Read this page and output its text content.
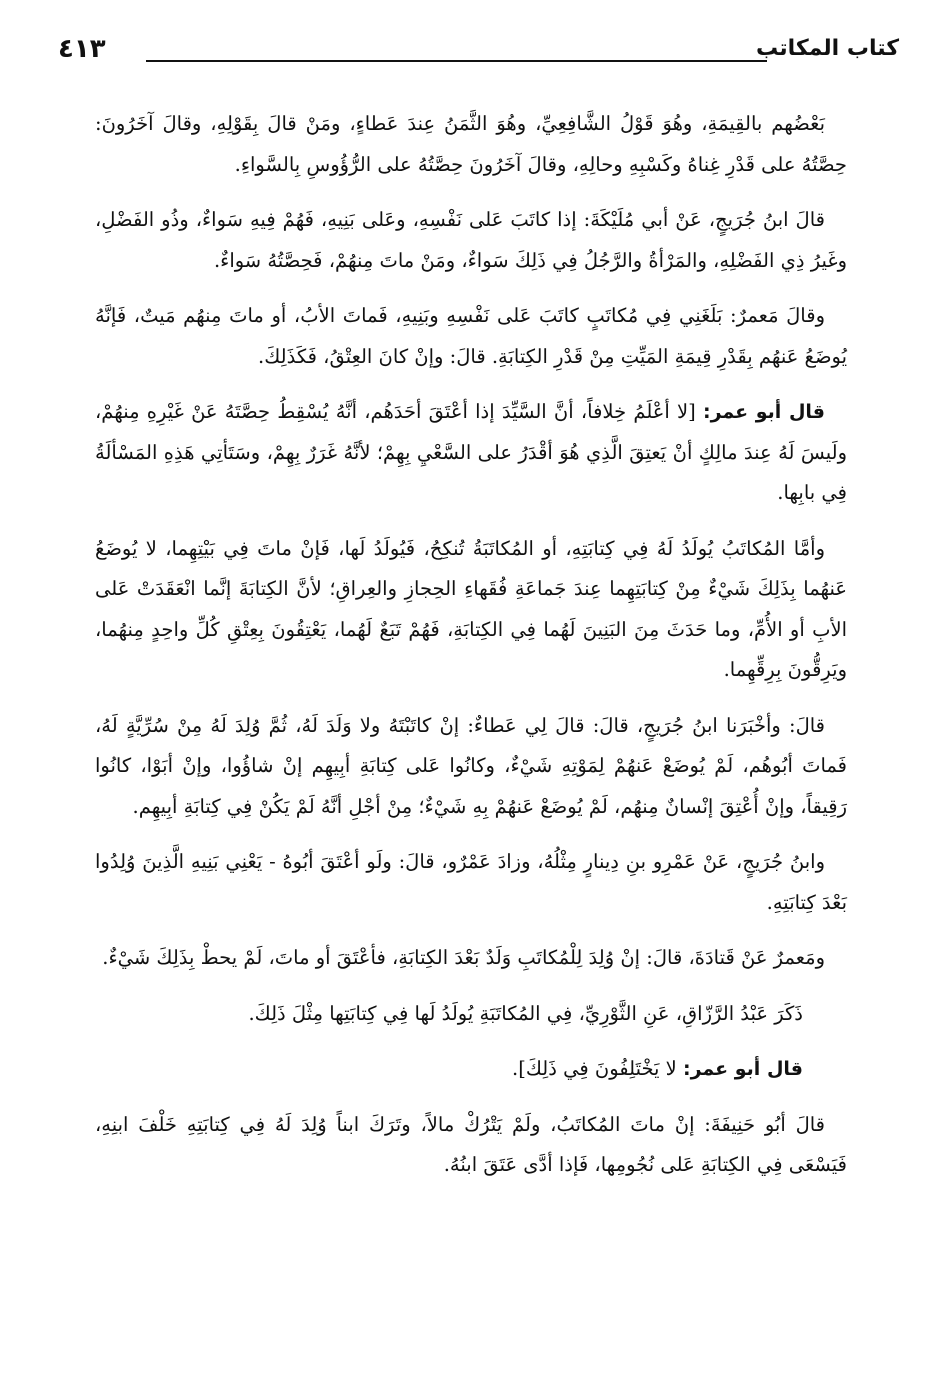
كتاب المكاتب
٤١٣

بَعْضُهم بالقِيمَةِ، وهُوَ قَوْلُ الشَّافِعِيِّ، وهُوَ الثَّمَنُ عِندَ عَطاءٍ، ومَنْ قالَ بِقَوْلِهِ، وقالَ آخَرُونَ: حِصَّتُهُ على قَدْرِ غِناهُ وكَسْبِهِ وحالِهِ، وقالَ آخَرُونَ حِصَّتُهُ على الرُّؤُوسِ بِالسَّواءِ.

قالَ ابنُ جُرَيجٍ، عَنْ أبي مُلَيْكَةَ: إذا كاتَبَ عَلى نَفْسِهِ، وعَلى بَنِيهِ، فَهُمْ فِيهِ سَواءٌ، وذُو الفَضْلِ، وغَيرُ ذِي الفَضْلِهِ، والمَرْأةُ والرَّجُلُ فِي ذَلِكَ سَواءٌ، ومَنْ ماتَ مِنهُمْ، فَحِصَّتُهُ سَواءٌ.

وقالَ مَعمرٌ: بَلَغَنِي فِي مُكاتَبٍ كاتَبَ عَلى نَفْسِهِ وبَنِيهِ، فَماتَ الأبُ، أو ماتَ مِنهُم مَيتٌ، فَإنَّهُ يُوضَعُ عَنهُم بِقَدْرِ قِيمَةِ المَيِّتِ مِنْ قَدْرِ الكِتابَةِ. قالَ: وإنْ كانَ العِتْقُ، فَكَذَلِكَ.

قال أبو عمر: [لا أعْلَمُ خِلافاً، أنَّ السَّيِّدَ إذا أعْتَقَ أحَدَهُم، أنَّهُ يُسْقِطُ حِصَّتَهُ عَنْ غَيْرِهِ مِنهُمْ، ولَيسَ لَهُ عِندَ مالِكٍ أنْ يَعتِقَ الَّذِي هُوَ أقْدَرُ على السَّعْيِ بِهِمْ؛ لأنَّهُ غَرَرٌ بِهِمْ، وسَتَأتِي هَذِهِ المَسْألَةُ فِي بابِها.

وأمَّا المُكاتَبُ يُولَدُ لَهُ فِي كِتابَتِهِ، أو المُكاتَبَةُ تُنكِحُ، فَيُولَدُ لَها، فَإنْ ماتَ فِي بَيْتِهِما، لا يُوضَعُ عَنهُما بِذَلِكَ شَيْءٌ مِنْ كِتابَتِهِما عِندَ جَماعَةِ فُقَهاءِ الحِجازِ والعِراقِ؛ لأنَّ الكِتابَةَ إنَّما انْعَقَدَتْ عَلى الأبِ أو الأُمِّ، وما حَدَثَ مِنَ البَنِينَ لَهُما فِي الكِتابَةِ، فَهُمْ تَبَعٌ لَهُما، يَعْتِقُونَ بِعِتْقِ كُلِّ واحِدٍ مِنهُما، ويَرِقُّونَ بِرِقِّهِما.

قالَ: وأخْبَرَنا ابنُ جُرَيجٍ، قالَ: قالَ لِي عَطاءٌ: إنْ كاتَبْتَهُ ولا وَلَدَ لَهُ، ثُمَّ وُلِدَ لَهُ مِنْ سُرِّيَّةٍ لَهُ، فَماتَ أبُوهُم، لَمْ يُوضَعْ عَنهُمْ لِمَوْتِهِ شَيْءٌ، وكانُوا عَلى كِتابَةِ أبِيهِم إنْ شاؤُوا، وإنْ أبَوْا، كانُوا رَقِيقاً، وإنْ أُعْتِقَ إنْسانٌ مِنهُم، لَمْ يُوضَعْ عَنهُمْ بِهِ شَيْءٌ؛ مِنْ أجْلِ أنَّهُ لَمْ يَكُنْ فِي كِتابَةِ أبِيهِم.

وابنُ جُرَيجٍ، عَنْ عَمْرِو بنِ دِينارٍ مِثْلُهُ، وزادَ عَمْرٌو، قالَ: ولَو أعْتَقَ أبُوهُ - يَعْنِي بَنِيهِ الَّذِينَ وُلِدُوا بَعْدَ كِتابَتِهِ.

ومَعمرٌ عَنْ قَتادَةَ، قالَ: إنْ وُلِدَ لِلْمُكاتَبِ وَلَدٌ بَعْدَ الكِتابَةِ، فأعْتَقَ أو ماتَ، لَمْ يحطْ بِذَلِكَ شَيْءٌ.

ذَكَرَ عَبْدُ الرَّزّاقِ، عَنِ الثَّوْرِيِّ، فِي المُكاتَبَةِ يُولَدُ لَها فِي كِتابَتِها مِثْلَ ذَلِكَ.

قال أبو عمر: لا يَخْتَلِفُونَ فِي ذَلِكَ].

قالَ أبُو حَنِيفَةَ: إنْ ماتَ المُكاتَبُ، ولَمْ يَتْرُكْ مالاً، وتَرَكَ ابناً وُلِدَ لَهُ فِي كِتابَتِهِ خَلْفَ ابنِهِ، فَيَسْعَى فِي الكِتابَةِ عَلى نُجُومِها، فَإذا أدَّى عَتَقَ ابنُهُ.
